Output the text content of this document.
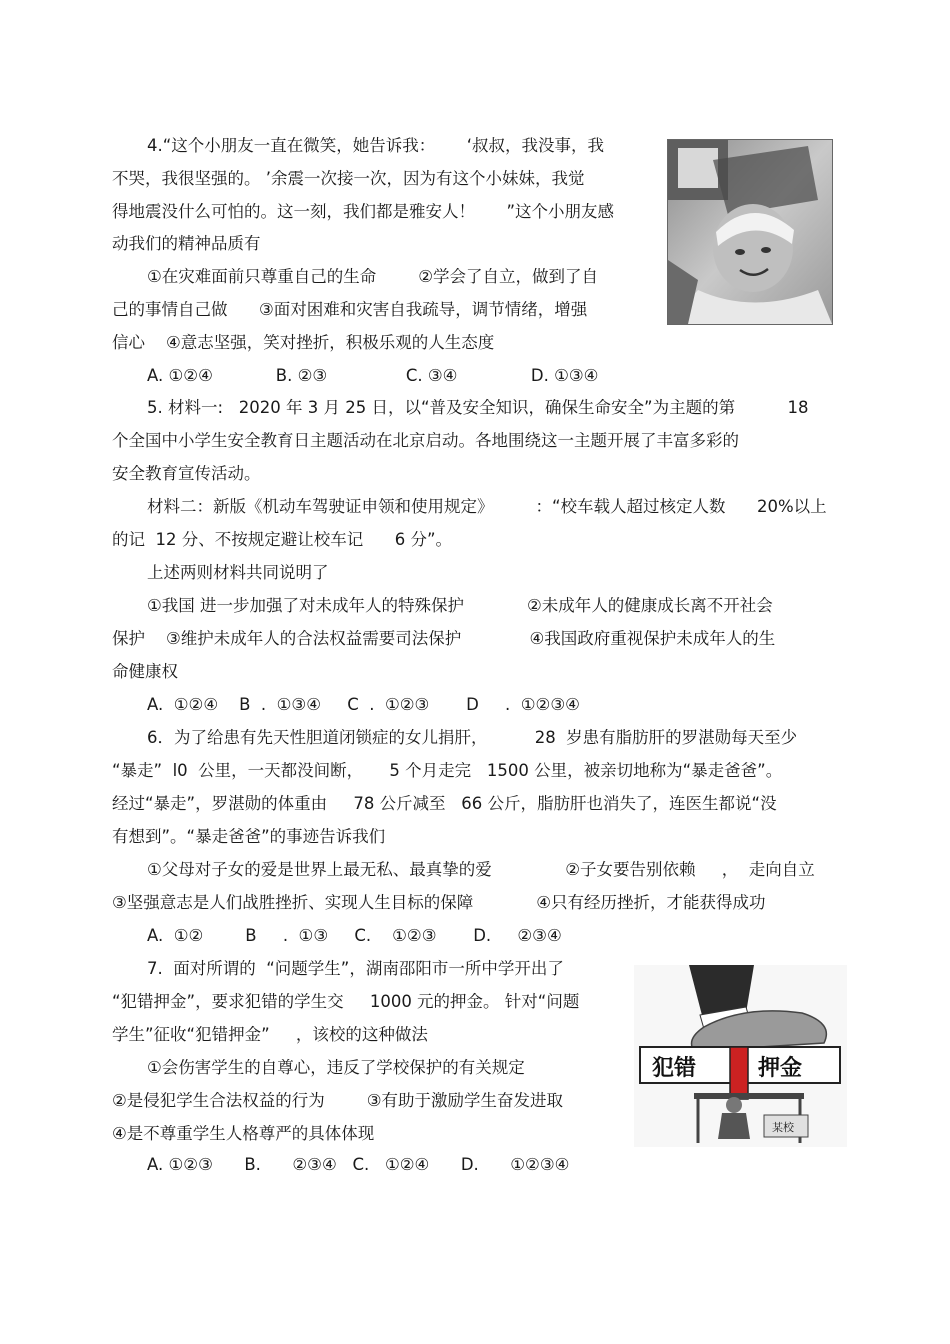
4.“这个小朋友一直在微笑，她告诉我：      ‘叔叔，我没事，我
不哭，我很坚强的。 ’余震一次接一次，因为有这个小妹妹，我觉
得地震没什么可怕的。这一刻，我们都是雅安人！      ”这个小朋友感
动我们的精神品质有
①在灾难面前只尊重自己的生命        ②学会了自立，做到了自
己的事情自己做      ③面对困难和灾害自我疏导，调节情绪，增强
信心    ④意志坚强，笑对挫折，积极乐观的人生态度
A. ①②④            B. ②③               C. ③④              D. ①③④
5. 材料一:   2020 年 3 月 25 日，以“普及安全知识，确保生命安全”为主题的第          18
个全国中小学生安全教育日主题活动在北京启动。各地围绕这一主题开展了丰富多彩的
安全教育宣传活动。
材料二：新版《机动车驾驶证申领和使用规定》        ：“校车载人超过核定人数      20%以上
的记  12 分、不按规定避让校车记      6 分”。
上述两则材料共同说明了
①我国 进一步加强了对未成年人的特殊保护            ②未成年人的健康成长离不开社会
保护    ③维护未成年人的合法权益需要司法保护             ④我国政府重视保护未成年人的生
命健康权
A.  ①②④    B  .  ①③④     C  .  ①②③       D     .  ①②③④
6．为了给患有先天性胆道闭锁症的女儿捐肝，         28  岁患有脂肪肝的罗湛勋每天至少
“暴走”  l0  公里，一天都没间断，     5 个月走完   1500 公里，被亲切地称为“暴走爸爸”。
经过“暴走”，罗湛勋的体重由     78 公斤减至   66 公斤，脂肪肝也消失了，连医生都说“没
有想到”。“暴走爸爸”的事迹告诉我们
①父母对子女的爱是世界上最无私、最真挚的爱              ②子女要告别依赖     ，  走向自立
③坚强意志是人们战胜挫折、实现人生目标的保障            ④只有经历挫折，才能获得成功
A.  ①②        B     .  ①③     C.    ①②③       D.     ②③④
7.  面对所谓的  “问题学生”，湖南邵阳市一所中学开出了
“犯错押金”，要求犯错的学生交     1000 元的押金。 针对“问题
学生”征收“犯错押金”     ，该校的这种做法
①会伤害学生的自尊心，违反了学校保护的有关规定
②是侵犯学生合法权益的行为        ③有助于激励学生奋发进取
④是不尊重学生人格尊严的具体体现
A. ①②③      B.      ②③④   C.   ①②④      D.      ①②③④
犯错	押金
某校
